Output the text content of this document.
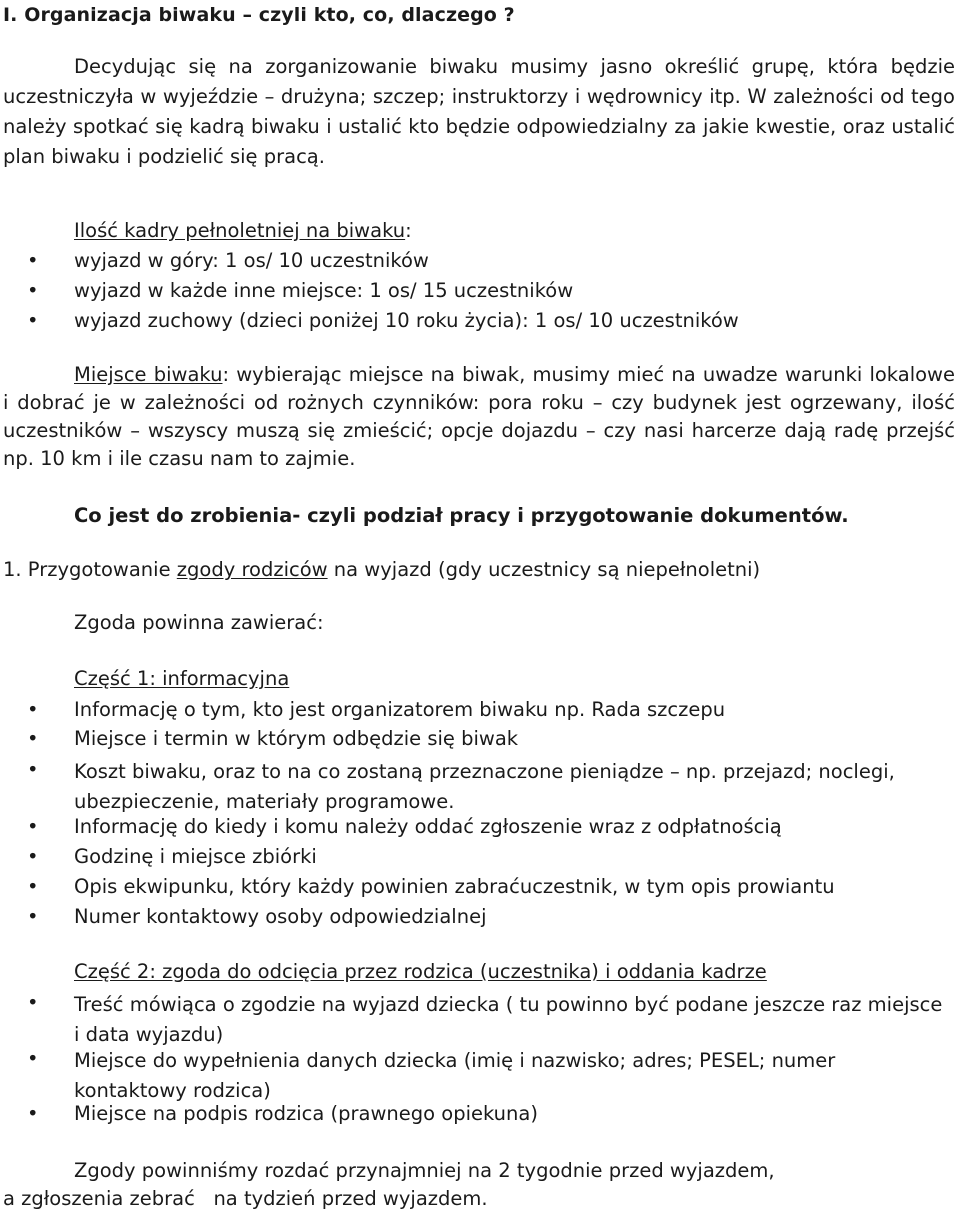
I. Organizacja biwaku – czyli kto, co, dlaczego ?
Decydując się na zorganizowanie biwaku musimy jasno określić grupę, która będzie uczestniczyła w wyjeździe – drużyna; szczep; instruktorzy i wędrownicy itp. W zależności od tego należy spotkać się kadrą biwaku i ustalić kto będzie odpowiedzialny za jakie kwestie, oraz ustalić plan biwaku i podzielić się pracą.
Ilość kadry pełnoletniej na biwaku:
• wyjazd w góry: 1 os/ 10 uczestników
• wyjazd w każde inne miejsce: 1 os/ 15 uczestników
• wyjazd zuchowy (dzieci poniżej 10 roku życia): 1 os/ 10 uczestników
Miejsce biwaku: wybierając miejsce na biwak, musimy mieć na uwadze warunki lokalowe i dobrać je w zależności od rożnych czynników: pora roku – czy budynek jest ogrzewany, ilość uczestników – wszyscy muszą się zmieścić; opcje dojazdu – czy nasi harcerze dają radę przejść np. 10 km i ile czasu nam to zajmie.
Co jest do zrobienia- czyli podział pracy i przygotowanie dokumentów.
1. Przygotowanie zgody rodziców na wyjazd (gdy uczestnicy są niepełnoletni)
Zgoda powinna zawierać:
Część 1: informacyjna
• Informację o tym, kto jest organizatorem biwaku np. Rada szczepu
• Miejsce i termin w którym odbędzie się biwak
• Koszt biwaku, oraz to na co zostaną przeznaczone pieniądze – np. przejazd; noclegi, ubezpieczenie, materiały programowe.
• Informację do kiedy i komu należy oddać zgłoszenie wraz z odpłatnością
• Godzinę i miejsce zbiórki
• Opis ekwipunku, który każdy powinien zabraćuczestnik, w tym opis prowiantu
• Numer kontaktowy osoby odpowiedzialnej
Część 2: zgoda do odcięcia przez rodzica (uczestnika) i oddania kadrze
• Treść mówiąca o zgodzie na wyjazd dziecka ( tu powinno być podane jeszcze raz miejsce i data wyjazdu)
• Miejsce do wypełnienia danych dziecka (imię i nazwisko; adres; PESEL; numer kontaktowy rodzica)
• Miejsce na podpis rodzica (prawnego opiekuna)
Zgody powinniśmy rozdać przynajmniej na 2 tygodnie przed wyjazdem,
a zgłoszenia zebrać   na tydzień przed wyjazdem.
